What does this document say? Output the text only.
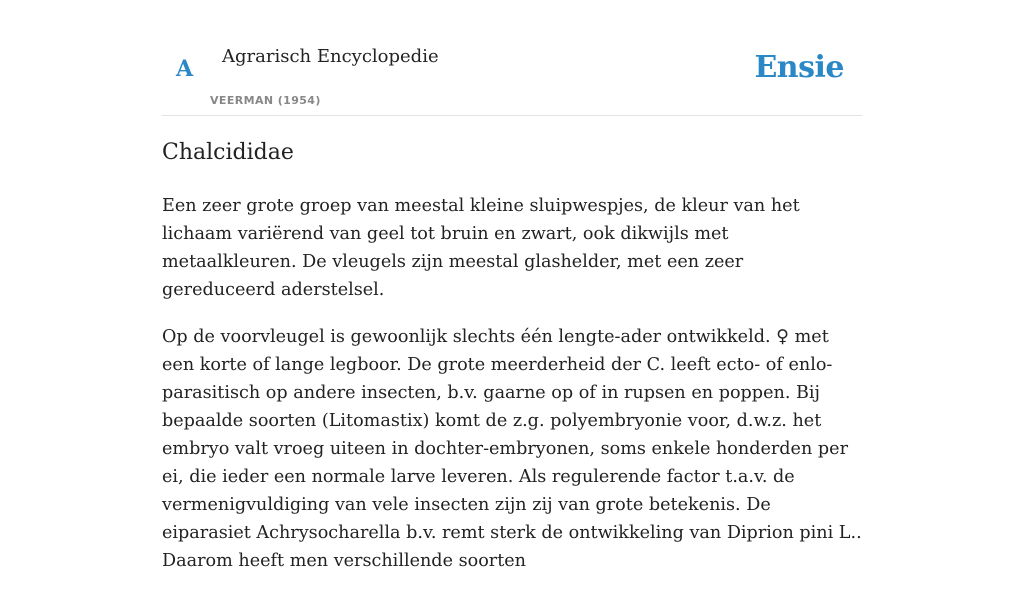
A Agrarisch Encyclopedie
VEERMAN (1954)
Ensie
Chalcididae

Een zeer grote groep van meestal kleine sluipwespjes, de kleur van het lichaam variërend van geel tot bruin en zwart, ook dikwijls met metaalkleuren. De vleugels zijn meestal glashelder, met een zeer gereduceerd aderstelsel.

Op de voorvleugel is gewoonlijk slechts één lengte-ader ontwikkeld. ♀ met een korte of lange legboor. De grote meerderheid der C. leeft ecto- of enlo-parasitisch op andere insecten, b.v. gaarne op of in rupsen en poppen. Bij bepaalde soorten (Litomastix) komt de z.g. polyembryonie voor, d.w.z. het embryo valt vroeg uiteen in dochter-embryonen, soms enkele honderden per ei, die ieder een normale larve leveren. Als regulerende factor t.a.v. de vermenigvuldiging van vele insecten zijn zij van grote betekenis. De eiparasiet Achrysocharella b.v. remt sterk de ontwikkeling van Diprion pini L.. Daarom heeft men verschillende soorten
